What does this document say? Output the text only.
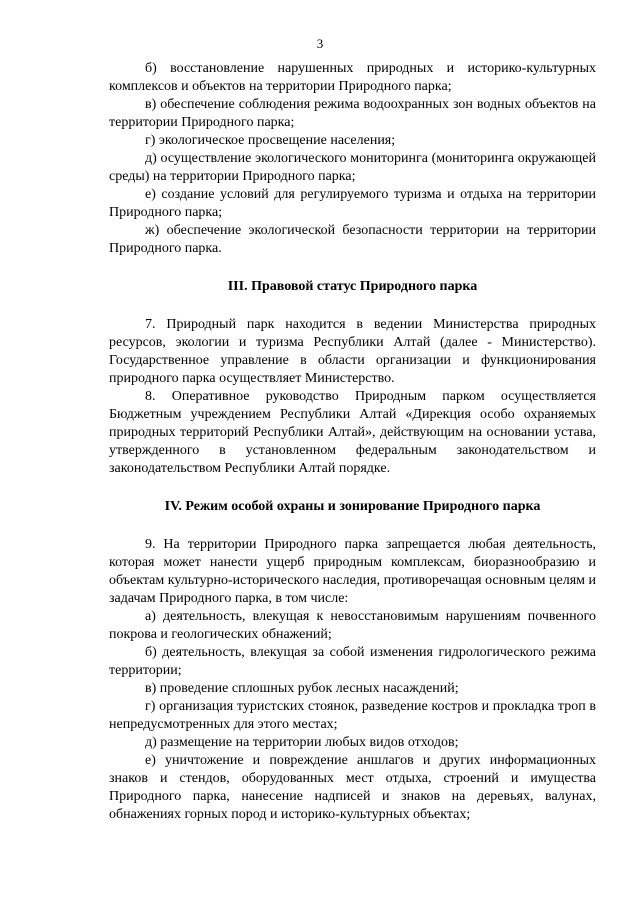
3

б) восстановление нарушенных природных и историко-культурных комплексов и объектов на территории Природного парка;

в) обеспечение соблюдения режима водоохранных зон водных объектов на территории Природного парка;

г) экологическое просвещение населения;

д) осуществление экологического мониторинга (мониторинга окружающей среды) на территории Природного парка;

е) создание условий для регулируемого туризма и отдыха на территории Природного парка;

ж) обеспечение экологической безопасности территории на территории Природного парка.

III. Правовой статус Природного парка

7. Природный парк находится в ведении Министерства природных ресурсов, экологии и туризма Республики Алтай (далее - Министерство). Государственное управление в области организации и функционирования природного парка осуществляет Министерство.

8. Оперативное руководство Природным парком осуществляется Бюджетным учреждением Республики Алтай «Дирекция особо охраняемых природных территорий Республики Алтай», действующим на основании устава, утвержденного в установленном федеральным законодательством и законодательством Республики Алтай порядке.

IV. Режим особой охраны и зонирование Природного парка

9. На территории Природного парка запрещается любая деятельность, которая может нанести ущерб природным комплексам, биоразнообразию и объектам культурно-исторического наследия, противоречащая основным целям и задачам Природного парка, в том числе:

а) деятельность, влекущая к невосстановимым нарушениям почвенного покрова и геологических обнажений;

б) деятельность, влекущая за собой изменения гидрологического режима территории;

в) проведение сплошных рубок лесных насаждений;

г) организация туристских стоянок, разведение костров и прокладка троп в непредусмотренных для этого местах;

д) размещение на территории любых видов отходов;

е) уничтожение и повреждение аншлагов и других информационных знаков и стендов, оборудованных мест отдыха, строений и имущества Природного парка, нанесение надписей и знаков на деревьях, валунах, обнажениях горных пород и историко-культурных объектах;
